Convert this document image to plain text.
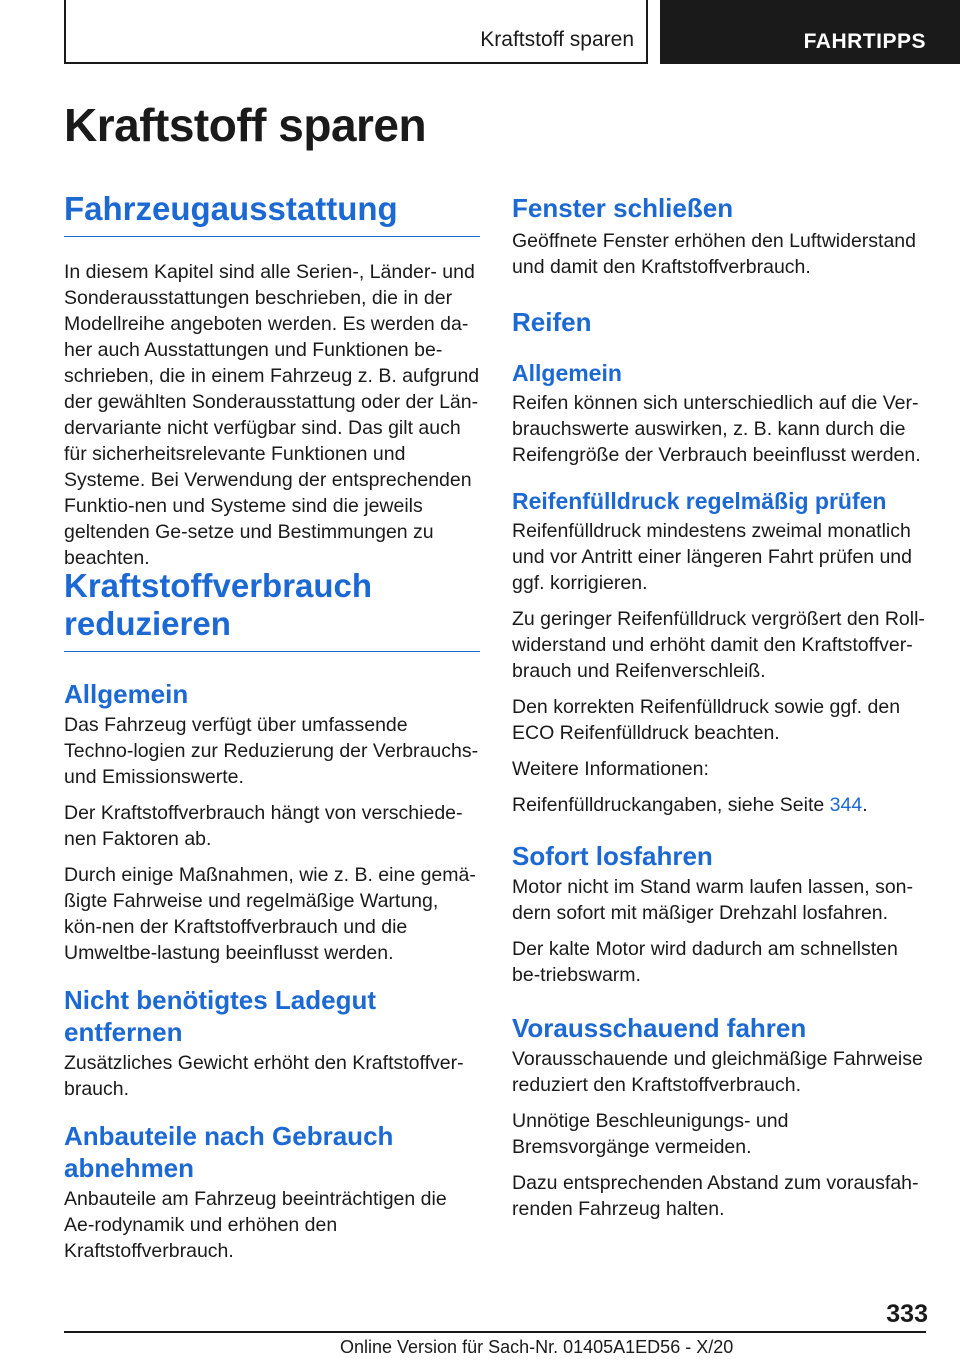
Kraftstoff sparen	FAHRTIPPS
Kraftstoff sparen
Fahrzeugausstattung

In diesem Kapitel sind alle Serien-, Länder- und Sonderausstattungen beschrieben, die in der Modellreihe angeboten werden. Es werden da-her auch Ausstattungen und Funktionen be-schrieben, die in einem Fahrzeug z. B. aufgrund der gewählten Sonderausstattung oder der Län-dervariante nicht verfügbar sind. Das gilt auch für sicherheitsrelevante Funktionen und Systeme. Bei Verwendung der entsprechenden Funktio-nen und Systeme sind die jeweils geltenden Ge-setze und Bestimmungen zu beachten.

Kraftstoffverbrauch reduzieren
Allgemein

Das Fahrzeug verfügt über umfassende Techno-logien zur Reduzierung der Verbrauchs- und Emissionswerte.

Der Kraftstoffverbrauch hängt von verschiede-nen Faktoren ab.

Durch einige Maßnahmen, wie z. B. eine gemä-ßigte Fahrweise und regelmäßige Wartung, kön-nen der Kraftstoffverbrauch und die Umweltbe-lastung beeinflusst werden.

Nicht benötigtes Ladegut entfernen

Zusätzliches Gewicht erhöht den Kraftstoffver-brauch.

Anbauteile nach Gebrauch abnehmen

Anbauteile am Fahrzeug beeinträchtigen die Ae-rodynamik und erhöhen den Kraftstoffverbrauch.

Fenster schließen

Geöffnete Fenster erhöhen den Luftwiderstand und damit den Kraftstoffverbrauch.

Reifen
Allgemein

Reifen können sich unterschiedlich auf die Ver-brauchswerte auswirken, z. B. kann durch die Reifengröße der Verbrauch beeinflusst werden.

Reifenfülldruck regelmäßig prüfen

Reifenfülldruck mindestens zweimal monatlich und vor Antritt einer längeren Fahrt prüfen und ggf. korrigieren.

Zu geringer Reifenfülldruck vergrößert den Roll-widerstand und erhöht damit den Kraftstoffver-brauch und Reifenverschleiß.

Den korrekten Reifenfülldruck sowie ggf. den ECO Reifenfülldruck beachten.

Weitere Informationen:

Reifenfülldruckangaben, siehe Seite 344.

Sofort losfahren

Motor nicht im Stand warm laufen lassen, son-dern sofort mit mäßiger Drehzahl losfahren.

Der kalte Motor wird dadurch am schnellsten be-triebswarm.

Vorausschauend fahren

Vorausschauende und gleichmäßige Fahrweise reduziert den Kraftstoffverbrauch.

Unnötige Beschleunigungs- und Bremsvorgänge vermeiden.

Dazu entsprechenden Abstand zum vorausfah-renden Fahrzeug halten.

333
Online Version für Sach-Nr. 01405A1ED56 - X/20
